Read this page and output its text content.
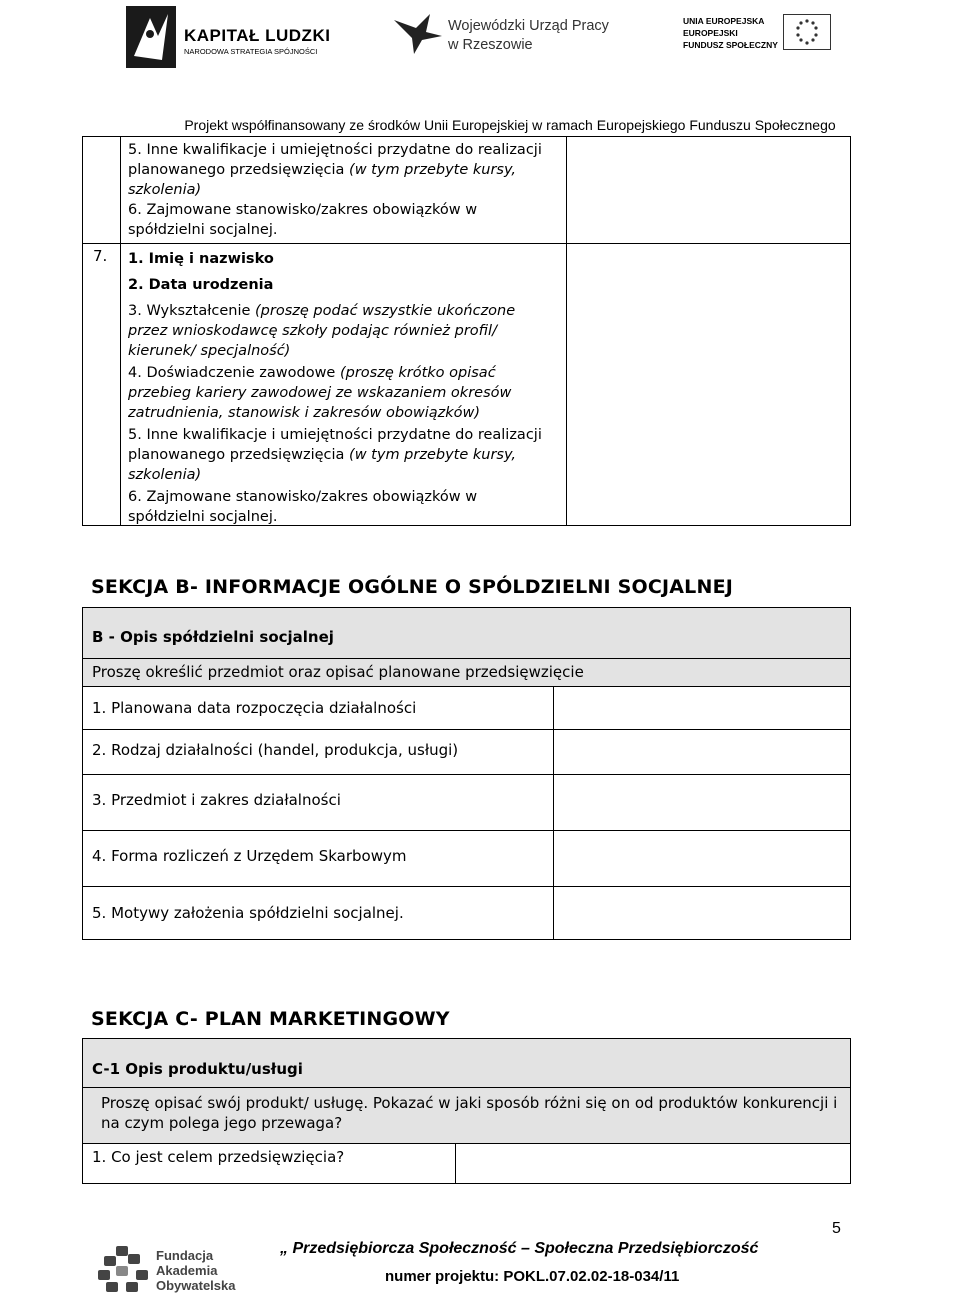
KAPITAŁ LUDZKI
NARODOWA STRATEGIA SPÓJNOŚCI
Wojewódzki Urząd Pracy
w Rzeszowie
UNIA EUROPEJSKA
EUROPEJSKI
FUNDUSZ SPOŁECZNY
Projekt współfinansowany ze środków Unii Europejskiej w ramach Europejskiego Funduszu Społecznego
7.

5. Inne kwalifikacje i umiejętności przydatne do realizacji planowanego przedsięwzięcia (w tym przebyte kursy, szkolenia)

6. Zajmowane stanowisko/zakres obowiązków w spółdzielni socjalnej.

1. Imię i nazwisko

2. Data urodzenia

3. Wykształcenie (proszę podać wszystkie ukończone przez wnioskodawcę szkoły podając również profil/ kierunek/ specjalność)

4. Doświadczenie zawodowe (proszę krótko opisać przebieg kariery zawodowej ze wskazaniem okresów zatrudnienia, stanowisk i zakresów obowiązków)

5. Inne kwalifikacje i umiejętności przydatne do realizacji planowanego przedsięwzięcia (w tym przebyte kursy, szkolenia)

6. Zajmowane stanowisko/zakres obowiązków w spółdzielni socjalnej.

SEKCJA B- INFORMACJE OGÓLNE O SPÓLDZIELNI SOCJALNEJ
B - Opis spółdzielni socjalnej
Proszę określić przedmiot oraz opisać planowane przedsięwzięcie
1. Planowana data rozpoczęcia działalności
2. Rodzaj działalności (handel, produkcja, usługi)
3. Przedmiot i zakres działalności
4. Forma rozliczeń z Urzędem Skarbowym
5. Motywy założenia spółdzielni socjalnej.
SEKCJA C- PLAN MARKETINGOWY
C-1 Opis produktu/usługi
Proszę opisać swój produkt/ usługę. Pokazać w jaki sposób różni się on od produktów konkurencji i na czym polega jego przewaga?
1. Co jest celem przedsięwzięcia?
5
Fundacja
Akademia
Obywatelska
„ Przedsiębiorcza Społeczność – Społeczna Przedsiębiorczość
numer projektu: POKL.07.02.02-18-034/11
